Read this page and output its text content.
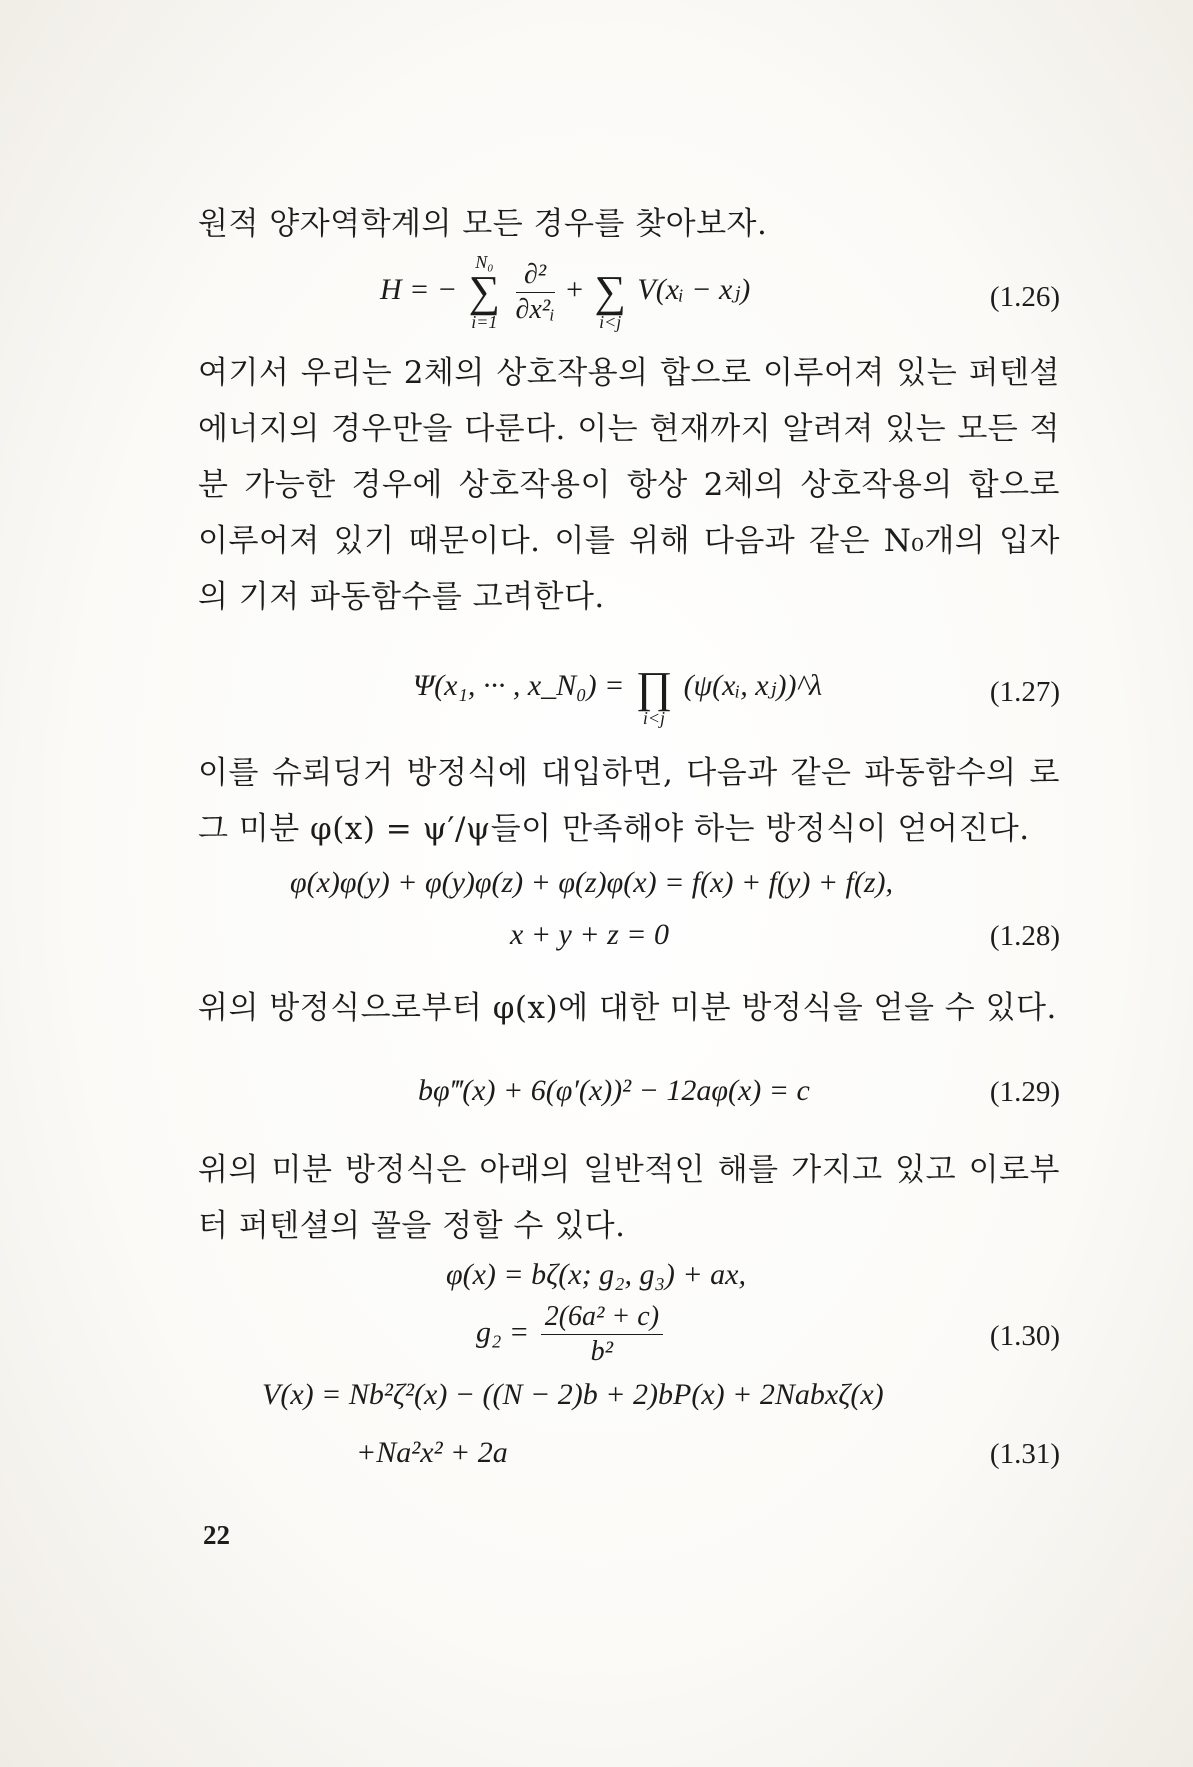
원적 양자역학계의 모든 경우를 찾아보자.
H = −
N₀
∑
i=1
$\frac{\text{∂²}}{\text{∂x²ᵢ}}$ +
∑
i<j
V(xᵢ − xⱼ)	(1.26)
여기서 우리는 2체의 상호작용의 합으로 이루어져 있는 퍼텐셜 에너지의 경우만을 다룬다. 이는 현재까지 알려져 있는 모든 적분 가능한 경우에 상호작용이 항상 2체의 상호작용의 합으로 이루어져 있기 때문이다. 이를 위해 다음과 같은 N₀개의 입자의 기저 파동함수를 고려한다.
Ψ(x₁, ··· , x_N₀) =
∏
i<j
(ψ(xᵢ, xⱼ))^λ	(1.27)
이를 슈뢰딩거 방정식에 대입하면, 다음과 같은 파동함수의 로그 미분 φ(x) = ψ′/ψ들이 만족해야 하는 방정식이 얻어진다.
φ(x)φ(y) + φ(y)φ(z) + φ(z)φ(x) = f(x) + f(y) + f(z),
x + y + z = 0	(1.28)
위의 방정식으로부터 φ(x)에 대한 미분 방정식을 얻을 수 있다.
bφ‴(x) + 6(φ′(x))² − 12aφ(x) = c	(1.29)
위의 미분 방정식은 아래의 일반적인 해를 가지고 있고 이로부터 퍼텐셜의 꼴을 정할 수 있다.
φ(x) = bζ(x; g₂, g₃) + ax,
$g_2 = \frac{\text{2(6a² + c)}}{\text{b²}}$	(1.30)
V(x) = Nb²ζ²(x) − ((N − 2)b + 2)bP(x) + 2Nabxζ(x)
+Na²x² + 2a	(1.31)
22
